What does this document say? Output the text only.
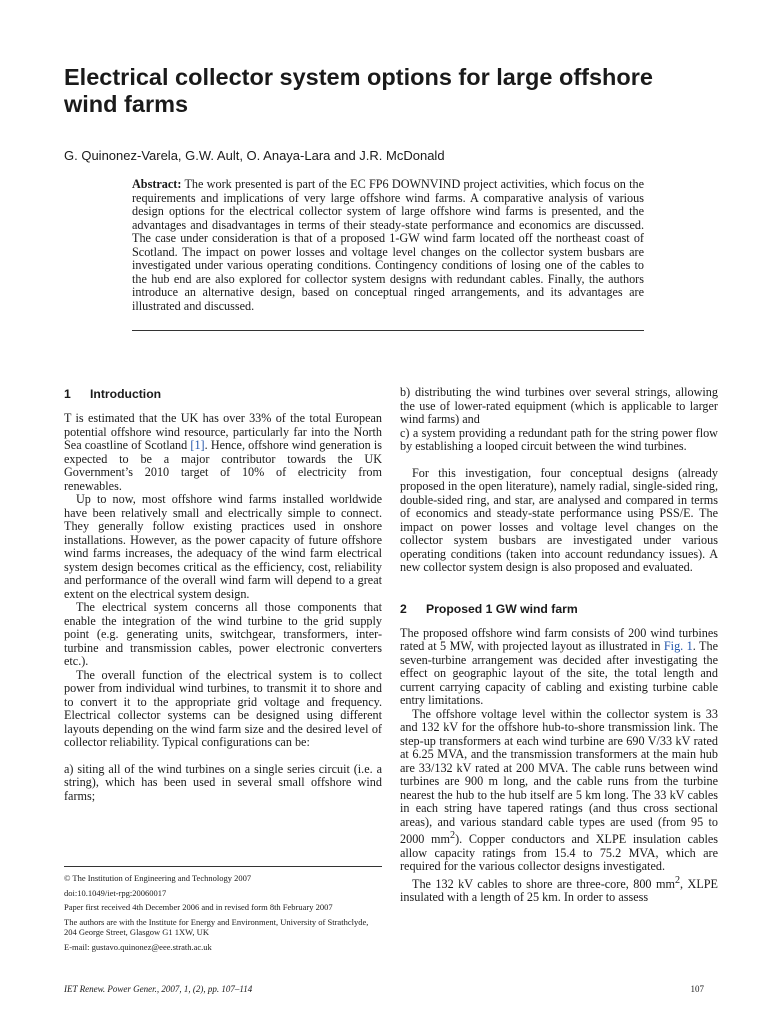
Electrical collector system options for large offshore wind farms
G. Quinonez-Varela, G.W. Ault, O. Anaya-Lara and J.R. McDonald
Abstract: The work presented is part of the EC FP6 DOWNVIND project activities, which focus on the requirements and implications of very large offshore wind farms. A comparative analysis of various design options for the electrical collector system of large offshore wind farms is presented, and the advantages and disadvantages in terms of their steady-state performance and economics are discussed. The case under consideration is that of a proposed 1-GW wind farm located off the northeast coast of Scotland. The impact on power losses and voltage level changes on the collector system busbars are investigated under various operating conditions. Contingency conditions of losing one of the cables to the hub end are also explored for collector system designs with redundant cables. Finally, the authors introduce an alternative design, based on conceptual ringed arrangements, and its advantages are illustrated and discussed.
1 Introduction

T is estimated that the UK has over 33% of the total European potential offshore wind resource, particularly far into the North Sea coastline of Scotland [1]. Hence, offshore wind generation is expected to be a major contributor towards the UK Government’s 2010 target of 10% of electricity from renewables.

Up to now, most offshore wind farms installed worldwide have been relatively small and electrically simple to connect. They generally follow existing practices used in onshore installations. However, as the power capacity of future offshore wind farms increases, the adequacy of the wind farm electrical system design becomes critical as the efficiency, cost, reliability and performance of the overall wind farm will depend to a great extent on the electrical system design.

The electrical system concerns all those components that enable the integration of the wind turbine to the grid supply point (e.g. generating units, switchgear, transformers, inter-turbine and transmission cables, power electronic converters etc.).

The overall function of the electrical system is to collect power from individual wind turbines, to transmit it to shore and to convert it to the appropriate grid voltage and frequency. Electrical collector systems can be designed using different layouts depending on the wind farm size and the desired level of collector reliability. Typical configurations can be:

a) siting all of the wind turbines on a single series circuit (i.e. a string), which has been used in several small offshore wind farms;

© The Institution of Engineering and Technology 2007
doi:10.1049/iet-rpg:20060017
Paper first received 4th December 2006 and in revised form 8th February 2007
The authors are with the Institute for Energy and Environment, University of Strathclyde, 204 George Street, Glasgow G1 1XW, UK
E-mail: gustavo.quinonez@eee.strath.ac.uk

b) distributing the wind turbines over several strings, allowing the use of lower-rated equipment (which is applicable to larger wind farms) and

c) a system providing a redundant path for the string power flow by establishing a looped circuit between the wind turbines.

For this investigation, four conceptual designs (already proposed in the open literature), namely radial, single-sided ring, double-sided ring, and star, are analysed and compared in terms of economics and steady-state performance using PSS/E. The impact on power losses and voltage level changes on the collector system busbars are investigated under various operating conditions (taken into account redundancy issues). A new collector system design is also proposed and evaluated.

2 Proposed 1 GW wind farm

The proposed offshore wind farm consists of 200 wind turbines rated at 5 MW, with projected layout as illustrated in Fig. 1. The seven-turbine arrangement was decided after investigating the effect on geographic layout of the site, the total length and current carrying capacity of cabling and existing turbine cable entry limitations.

The offshore voltage level within the collector system is 33 and 132 kV for the offshore hub-to-shore transmission link. The step-up transformers at each wind turbine are 690 V/33 kV rated at 6.25 MVA, and the transmission transformers at the main hub are 33/132 kV rated at 200 MVA. The cable runs between wind turbines are 900 m long, and the cable runs from the turbine nearest the hub to the hub itself are 5 km long. The 33 kV cables in each string have tapered ratings (and thus cross sectional areas), and various standard cable types are used (from 95 to 2000 $mm^2$). Copper conductors and XLPE insulation cables allow capacity ratings from 15.4 to 75.2 MVA, which are required for the various collector designs investigated.

The 132 kV cables to shore are three-core, 800 $mm^2$, XLPE insulated with a length of 25 km. In order to assess

IET Renew. Power Gener., 2007, 1, (2), pp. 107–114	107
